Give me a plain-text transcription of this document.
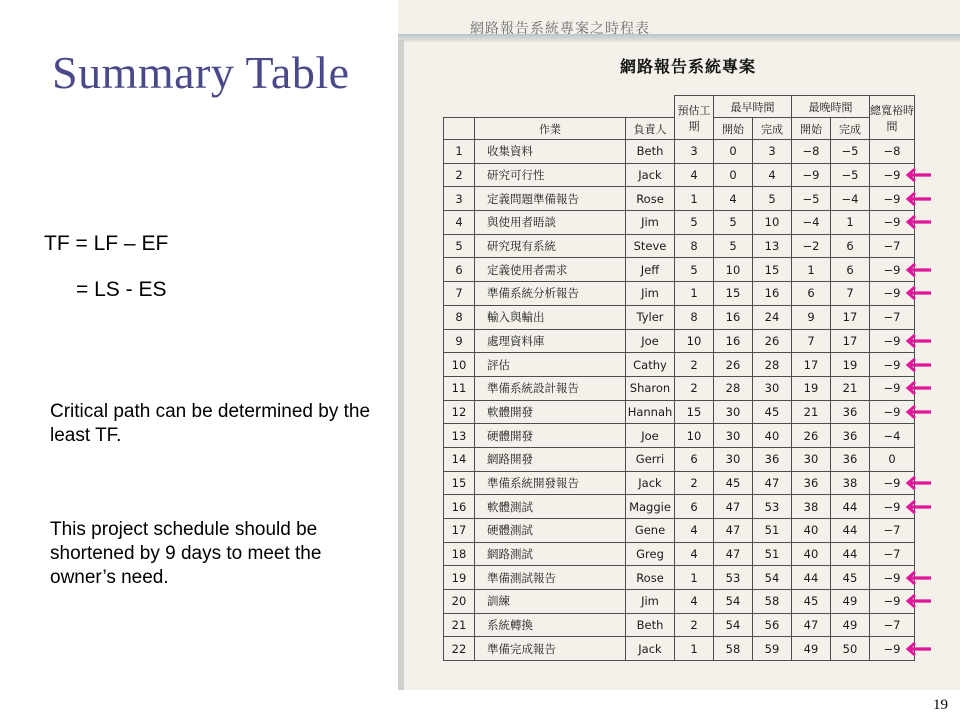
Summary Table
TF = LF – EF
= LS - ES
Critical path can be determined by the least TF.
This project schedule should be shortened by 9 days to meet the owner’s need.
網路報告系統專案之時程表
網路報告系統專案
			預估工期	最早時間		最晚時間		總寬裕時間
	作業	負責人		開始	完成	開始	完成	
1	收集資料	Beth	3	0	3	−8	−5	−8
2	研究可行性	Jack	4	0	4	−9	−5	−9
3	定義問題準備報告	Rose	1	4	5	−5	−4	−9
4	與使用者晤談	Jim	5	5	10	−4	1	−9
5	研究現有系統	Steve	8	5	13	−2	6	−7
6	定義使用者需求	Jeff	5	10	15	1	6	−9
7	準備系統分析報告	Jim	1	15	16	6	7	−9
8	輸入與輸出	Tyler	8	16	24	9	17	−7
9	處理資料庫	Joe	10	16	26	7	17	−9
10	評估	Cathy	2	26	28	17	19	−9
11	準備系統設計報告	Sharon	2	28	30	19	21	−9
12	軟體開發	Hannah	15	30	45	21	36	−9
13	硬體開發	Joe	10	30	40	26	36	−4
14	網路開發	Gerri	6	30	36	30	36	0
15	準備系統開發報告	Jack	2	45	47	36	38	−9
16	軟體測試	Maggie	6	47	53	38	44	−9
17	硬體測試	Gene	4	47	51	40	44	−7
18	網路測試	Greg	4	47	51	40	44	−7
19	準備測試報告	Rose	1	53	54	44	45	−9
20	訓練	Jim	4	54	58	45	49	−9
21	系統轉換	Beth	2	54	56	47	49	−7
22	準備完成報告	Jack	1	58	59	49	50	−9
19
